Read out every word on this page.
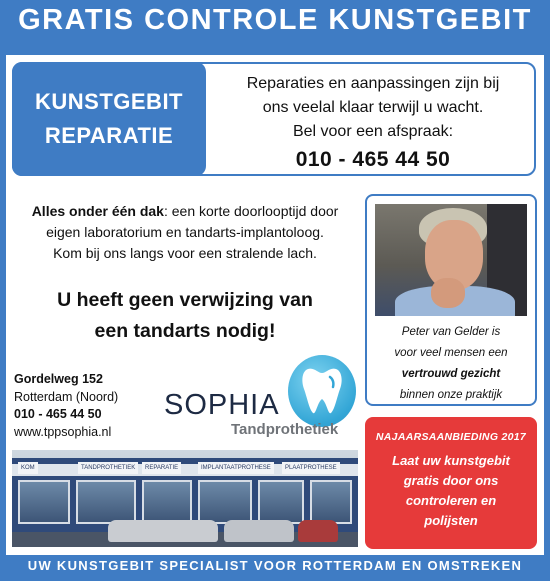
GRATIS CONTROLE KUNSTGEBIT
KUNSTGEBIT
REPARATIE
Reparaties en aanpassingen zijn bij
ons veelal klaar terwijl u wacht.
Bel voor een afspraak:
010 - 465 44 50
Alles onder één dak: een korte doorlooptijd door
eigen laboratorium en tandarts-implantoloog.
Kom bij ons langs voor een stralende lach.
U heeft geen verwijzing van
een tandarts nodig!	Peter van Gelder is
voor veel mensen een
vertrouwd gezicht
binnen onze praktijk
Gordelweg 152
Rotterdam (Noord)
010 - 465 44 50
www.tppsophia.nl
SOPHIA
Tandprothetiek
KOM	TANDPROTHETIEK	REPARATIE	IMPLANTAATPROTHESE	PLAATPROTHESE
NAJAARSAANBIEDING 2017
Laat uw kunstgebit
gratis door ons
controleren en
polijsten
UW KUNSTGEBIT SPECIALIST VOOR ROTTERDAM EN OMSTREKEN
